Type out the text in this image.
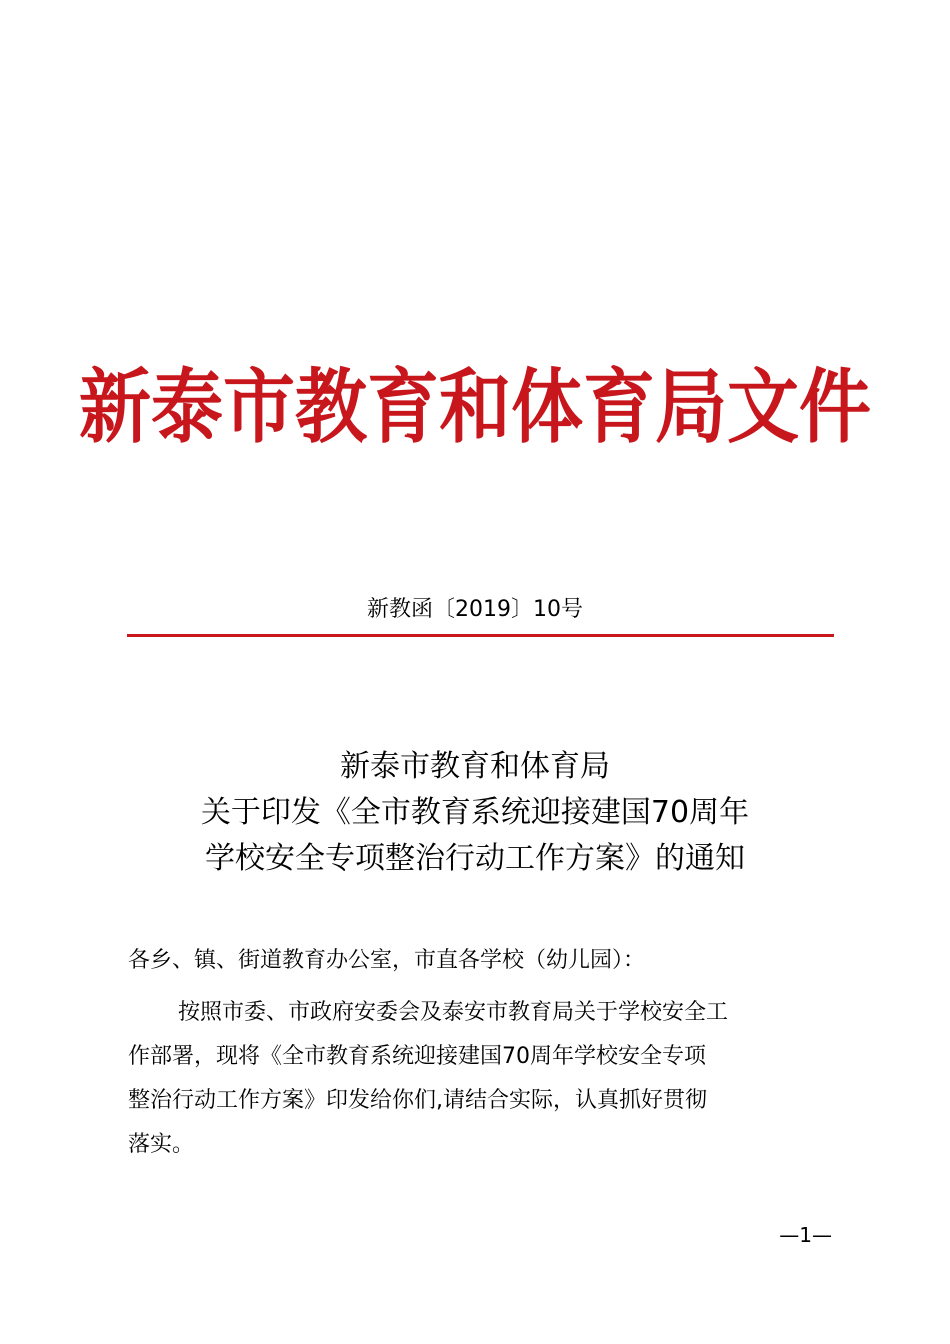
新泰市教育和体育局文件
新教函〔2019〕10号
新泰市教育和体育局
关于印发《全市教育系统迎接建国70周年
学校安全专项整治行动工作方案》的通知
各乡、镇、街道教育办公室，市直各学校（幼儿园）：
按照市委、市政府安委会及泰安市教育局关于学校安全工
作部署，现将《全市教育系统迎接建国70周年学校安全专项
整治行动工作方案》印发给你们,请结合实际，认真抓好贯彻
落实。
—1—
